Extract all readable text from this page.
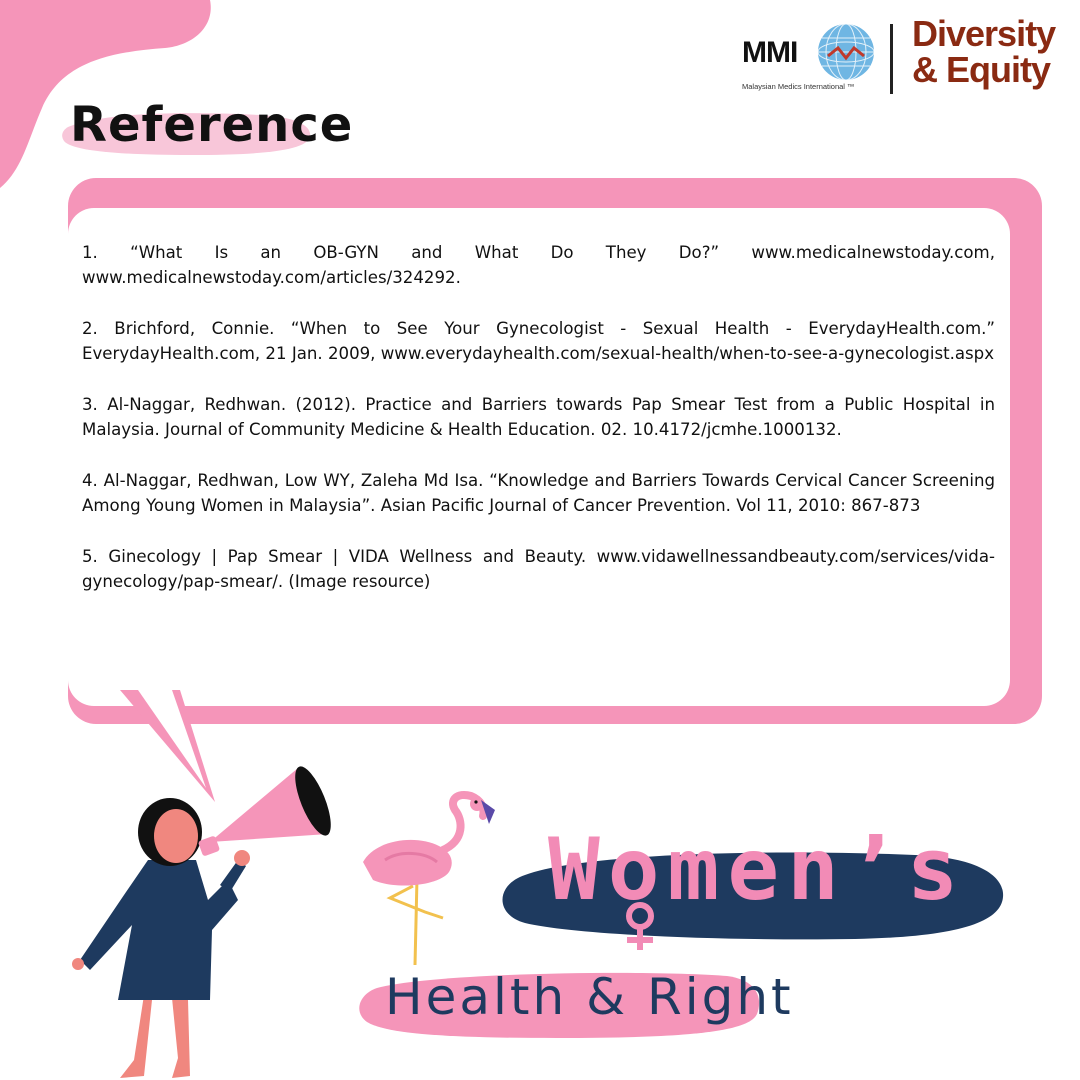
Reference
MMI
Malaysian Medics International ™
Diversity
& Equity

1. “What Is an OB-GYN and What Do They Do?” www.medicalnewstoday.com, www.medicalnewstoday.com/articles/324292.

2. Brichford, Connie. “When to See Your Gynecologist - Sexual Health - EverydayHealth.com.” EverydayHealth.com, 21 Jan. 2009, www.everydayhealth.com/sexual-health/when-to-see-a-gynecologist.aspx

3. Al-Naggar, Redhwan. (2012). Practice and Barriers towards Pap Smear Test from a Public Hospital in Malaysia. Journal of Community Medicine & Health Education. 02. 10.4172/jcmhe.1000132.

4. Al-Naggar, Redhwan, Low WY, Zaleha Md Isa. “Knowledge and Barriers Towards Cervical Cancer Screening Among Young Women in Malaysia”. Asian Pacific Journal of Cancer Prevention. Vol 11, 2010: 867-873

5. Ginecology | Pap Smear | VIDA Wellness and Beauty. www.vidawellnessandbeauty.com/services/vida-gynecology/pap-smear/. (Image resource)

Women’s
Health & Right
